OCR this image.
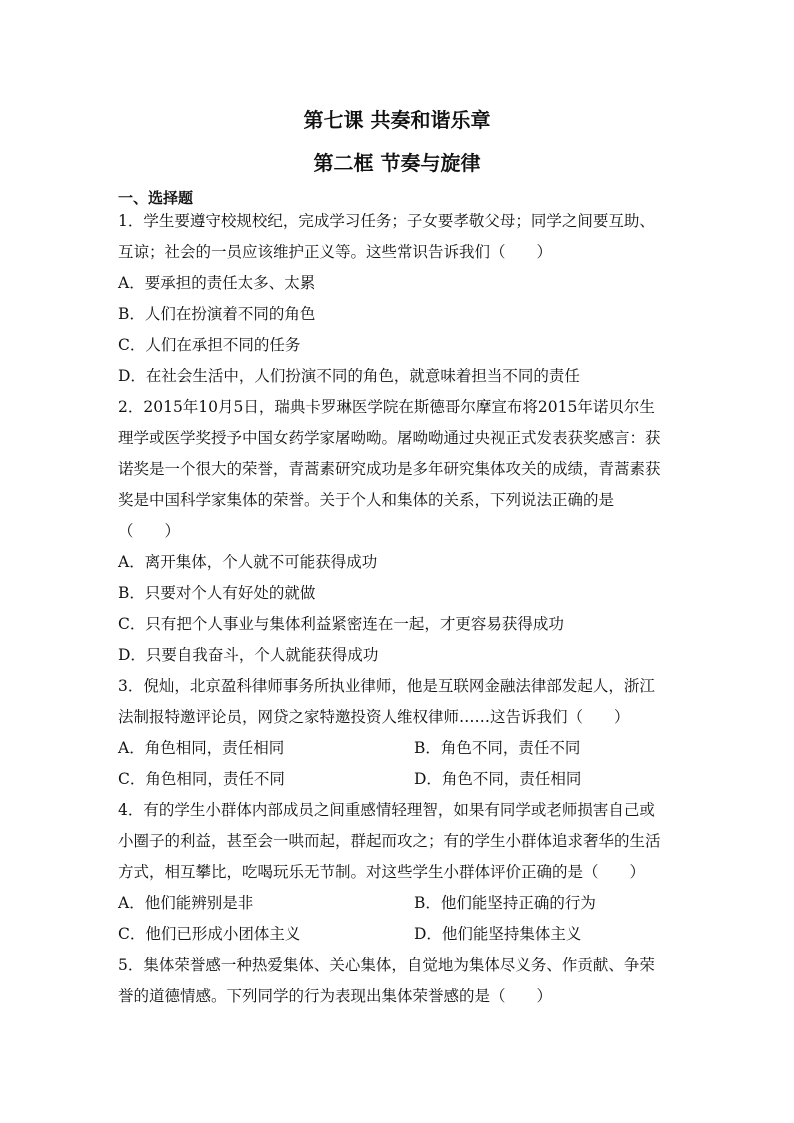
第七课 共奏和谐乐章
第二框 节奏与旋律
一、选择题
1．学生要遵守校规校纪，完成学习任务；子女要孝敬父母；同学之间要互助、
互谅；社会的一员应该维护正义等。这些常识告诉我们（　　）
A．要承担的责任太多、太累
B．人们在扮演着不同的角色
C．人们在承担不同的任务
D．在社会生活中，人们扮演不同的角色，就意味着担当不同的责任
2．2015年10月5日，瑞典卡罗琳医学院在斯德哥尔摩宣布将2015年诺贝尔生
理学或医学奖授予中国女药学家屠呦呦。屠呦呦通过央视正式发表获奖感言：获
诺奖是一个很大的荣誉，青蒿素研究成功是多年研究集体攻关的成绩，青蒿素获
奖是中国科学家集体的荣誉。关于个人和集体的关系，下列说法正确的是
（　　）
A．离开集体，个人就不可能获得成功
B．只要对个人有好处的就做
C．只有把个人事业与集体利益紧密连在一起，才更容易获得成功
D．只要自我奋斗，个人就能获得成功
3．倪灿，北京盈科律师事务所执业律师，他是互联网金融法律部发起人，浙江
法制报特邀评论员，网贷之家特邀投资人维权律师……这告诉我们（　　）
A．角色相同，责任相同	B．角色不同，责任不同
C．角色相同，责任不同	D．角色不同，责任相同
4．有的学生小群体内部成员之间重感情轻理智，如果有同学或老师损害自己或
小圈子的利益，甚至会一哄而起，群起而攻之；有的学生小群体追求奢华的生活
方式，相互攀比，吃喝玩乐无节制。对这些学生小群体评价正确的是（　　）
A．他们能辨别是非	B．他们能坚持正确的行为
C．他们已形成小团体主义	D．他们能坚持集体主义
5．集体荣誉感一种热爱集体、关心集体，自觉地为集体尽义务、作贡献、争荣
誉的道德情感。下列同学的行为表现出集体荣誉感的是（　　）
